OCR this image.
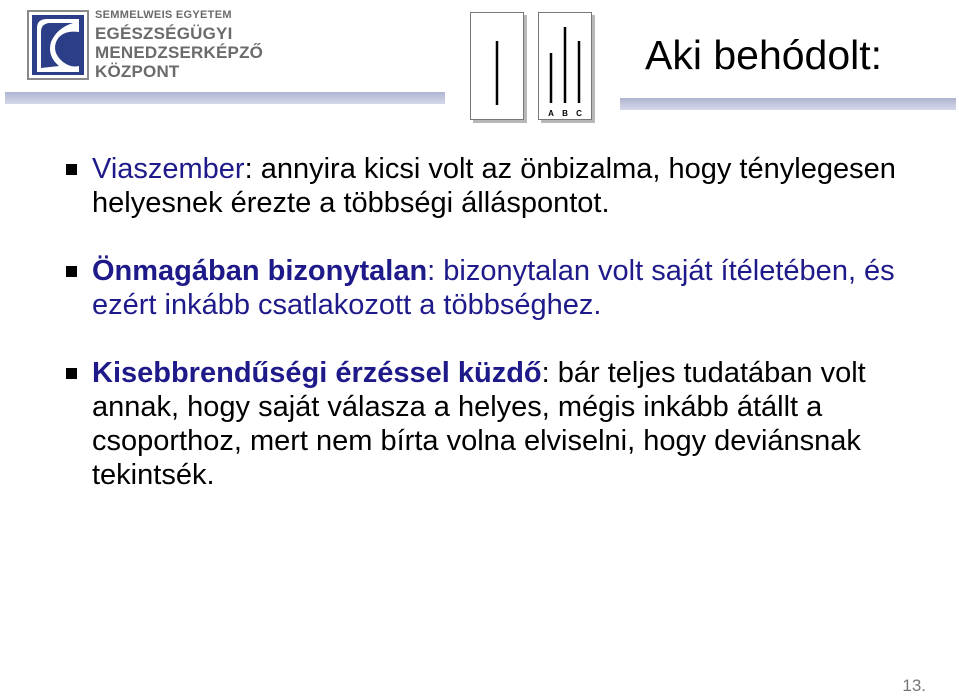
SEMMELWEIS EGYETEM
EGÉSZSÉGÜGYI
MENEDZSERKÉPZŐ
KÖZPONT
A B C
Aki behódolt:
Viaszember: annyira kicsi volt az önbizalma, hogy ténylegesen helyesnek érezte a többségi álláspontot.
Önmagában bizonytalan: bizonytalan volt saját ítéletében, és ezért inkább csatlakozott a többséghez.
Kisebbrendűségi érzéssel küzdő: bár teljes tudatában volt annak, hogy saját válasza a helyes, mégis inkább átállt a csoporthoz, mert nem bírta volna elviselni, hogy deviánsnak tekintsék.
13.
